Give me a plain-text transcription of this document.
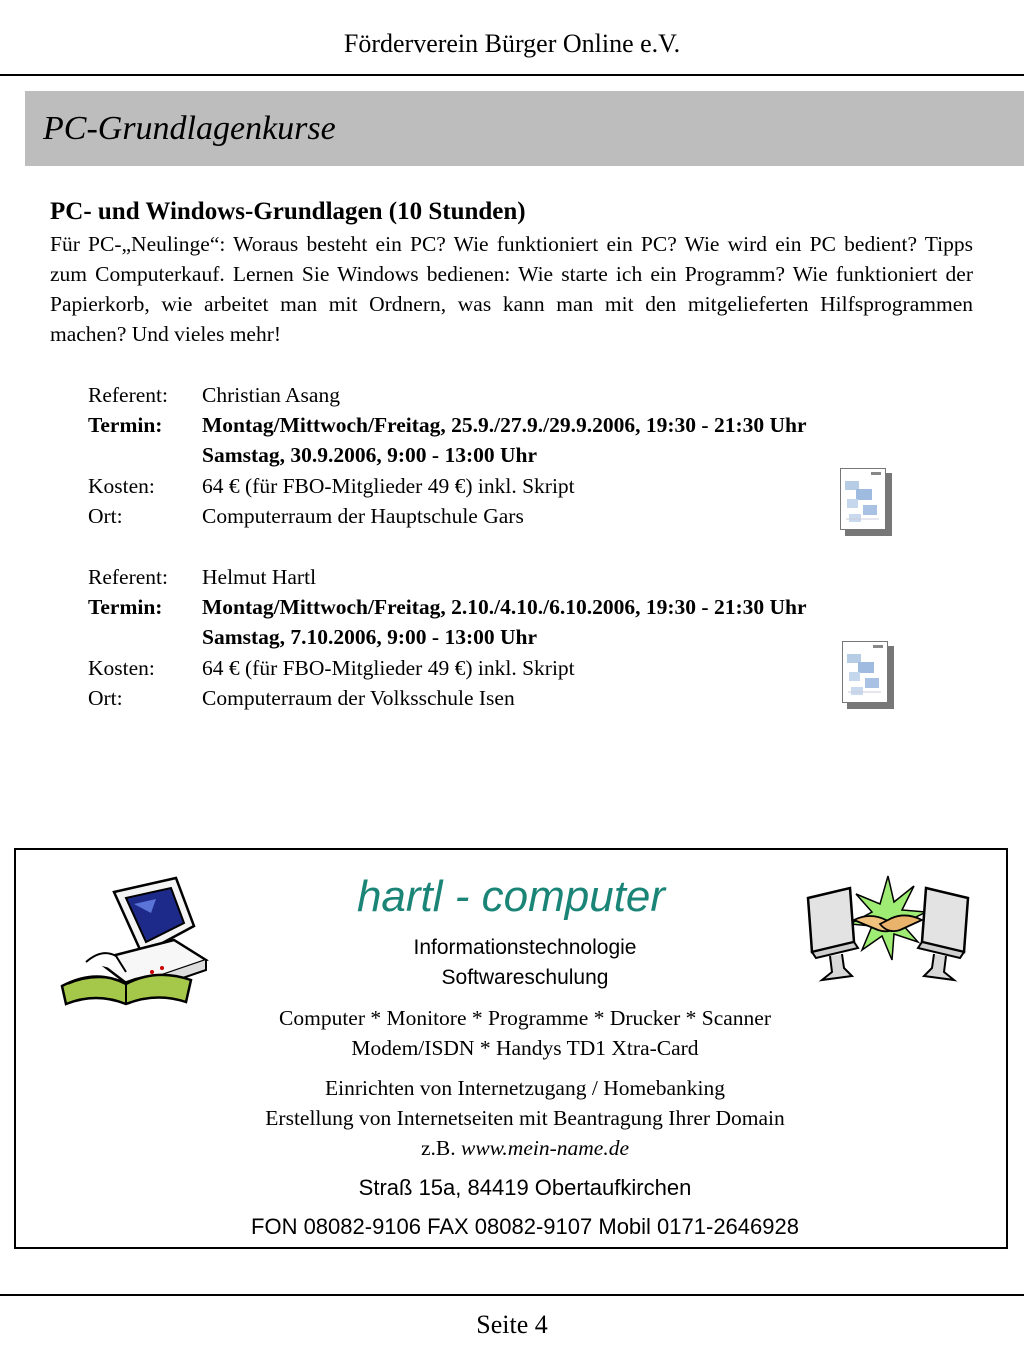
Förderverein Bürger Online e.V.
PC-Grundlagenkurse
PC- und Windows-Grundlagen (10 Stunden)

Für PC-„Neulinge“: Woraus besteht ein PC? Wie funktioniert ein PC? Wie wird ein PC bedient? Tipps zum Computerkauf. Lernen Sie Windows bedienen: Wie starte ich ein Programm? Wie funktioniert der Papierkorb, wie arbeitet man mit Ordnern, was kann man mit den mitgelieferten Hilfsprogrammen machen? Und vieles mehr!

Referent: Christian Asang
Termin: Montag/Mittwoch/Freitag, 25.9./27.9./29.9.2006, 19:30 - 21:30 Uhr
Samstag, 30.9.2006, 9:00 - 13:00 Uhr
Kosten: 64 € (für FBO-Mitglieder 49 €) inkl. Skript
Ort:	Computerraum der Hauptschule Gars
Referent: Helmut Hartl
Termin: Montag/Mittwoch/Freitag, 2.10./4.10./6.10.2006, 19:30 - 21:30 Uhr
Samstag, 7.10.2006, 9:00 - 13:00 Uhr
Kosten: 64 € (für FBO-Mitglieder 49 €) inkl. Skript
Ort:	Computerraum der Volksschule Isen
hartl - computer
Informationstechnologie
Softwareschulung
Computer * Monitore * Programme * Drucker * Scanner
Modem/ISDN * Handys TD1 Xtra-Card
Einrichten von Internetzugang / Homebanking
Erstellung von Internetseiten mit Beantragung Ihrer Domain
z.B. www.mein-name.de
Straß 15a, 84419 Obertaufkirchen
FON 08082-9106 FAX 08082-9107 Mobil 0171-2646928
Seite 4
